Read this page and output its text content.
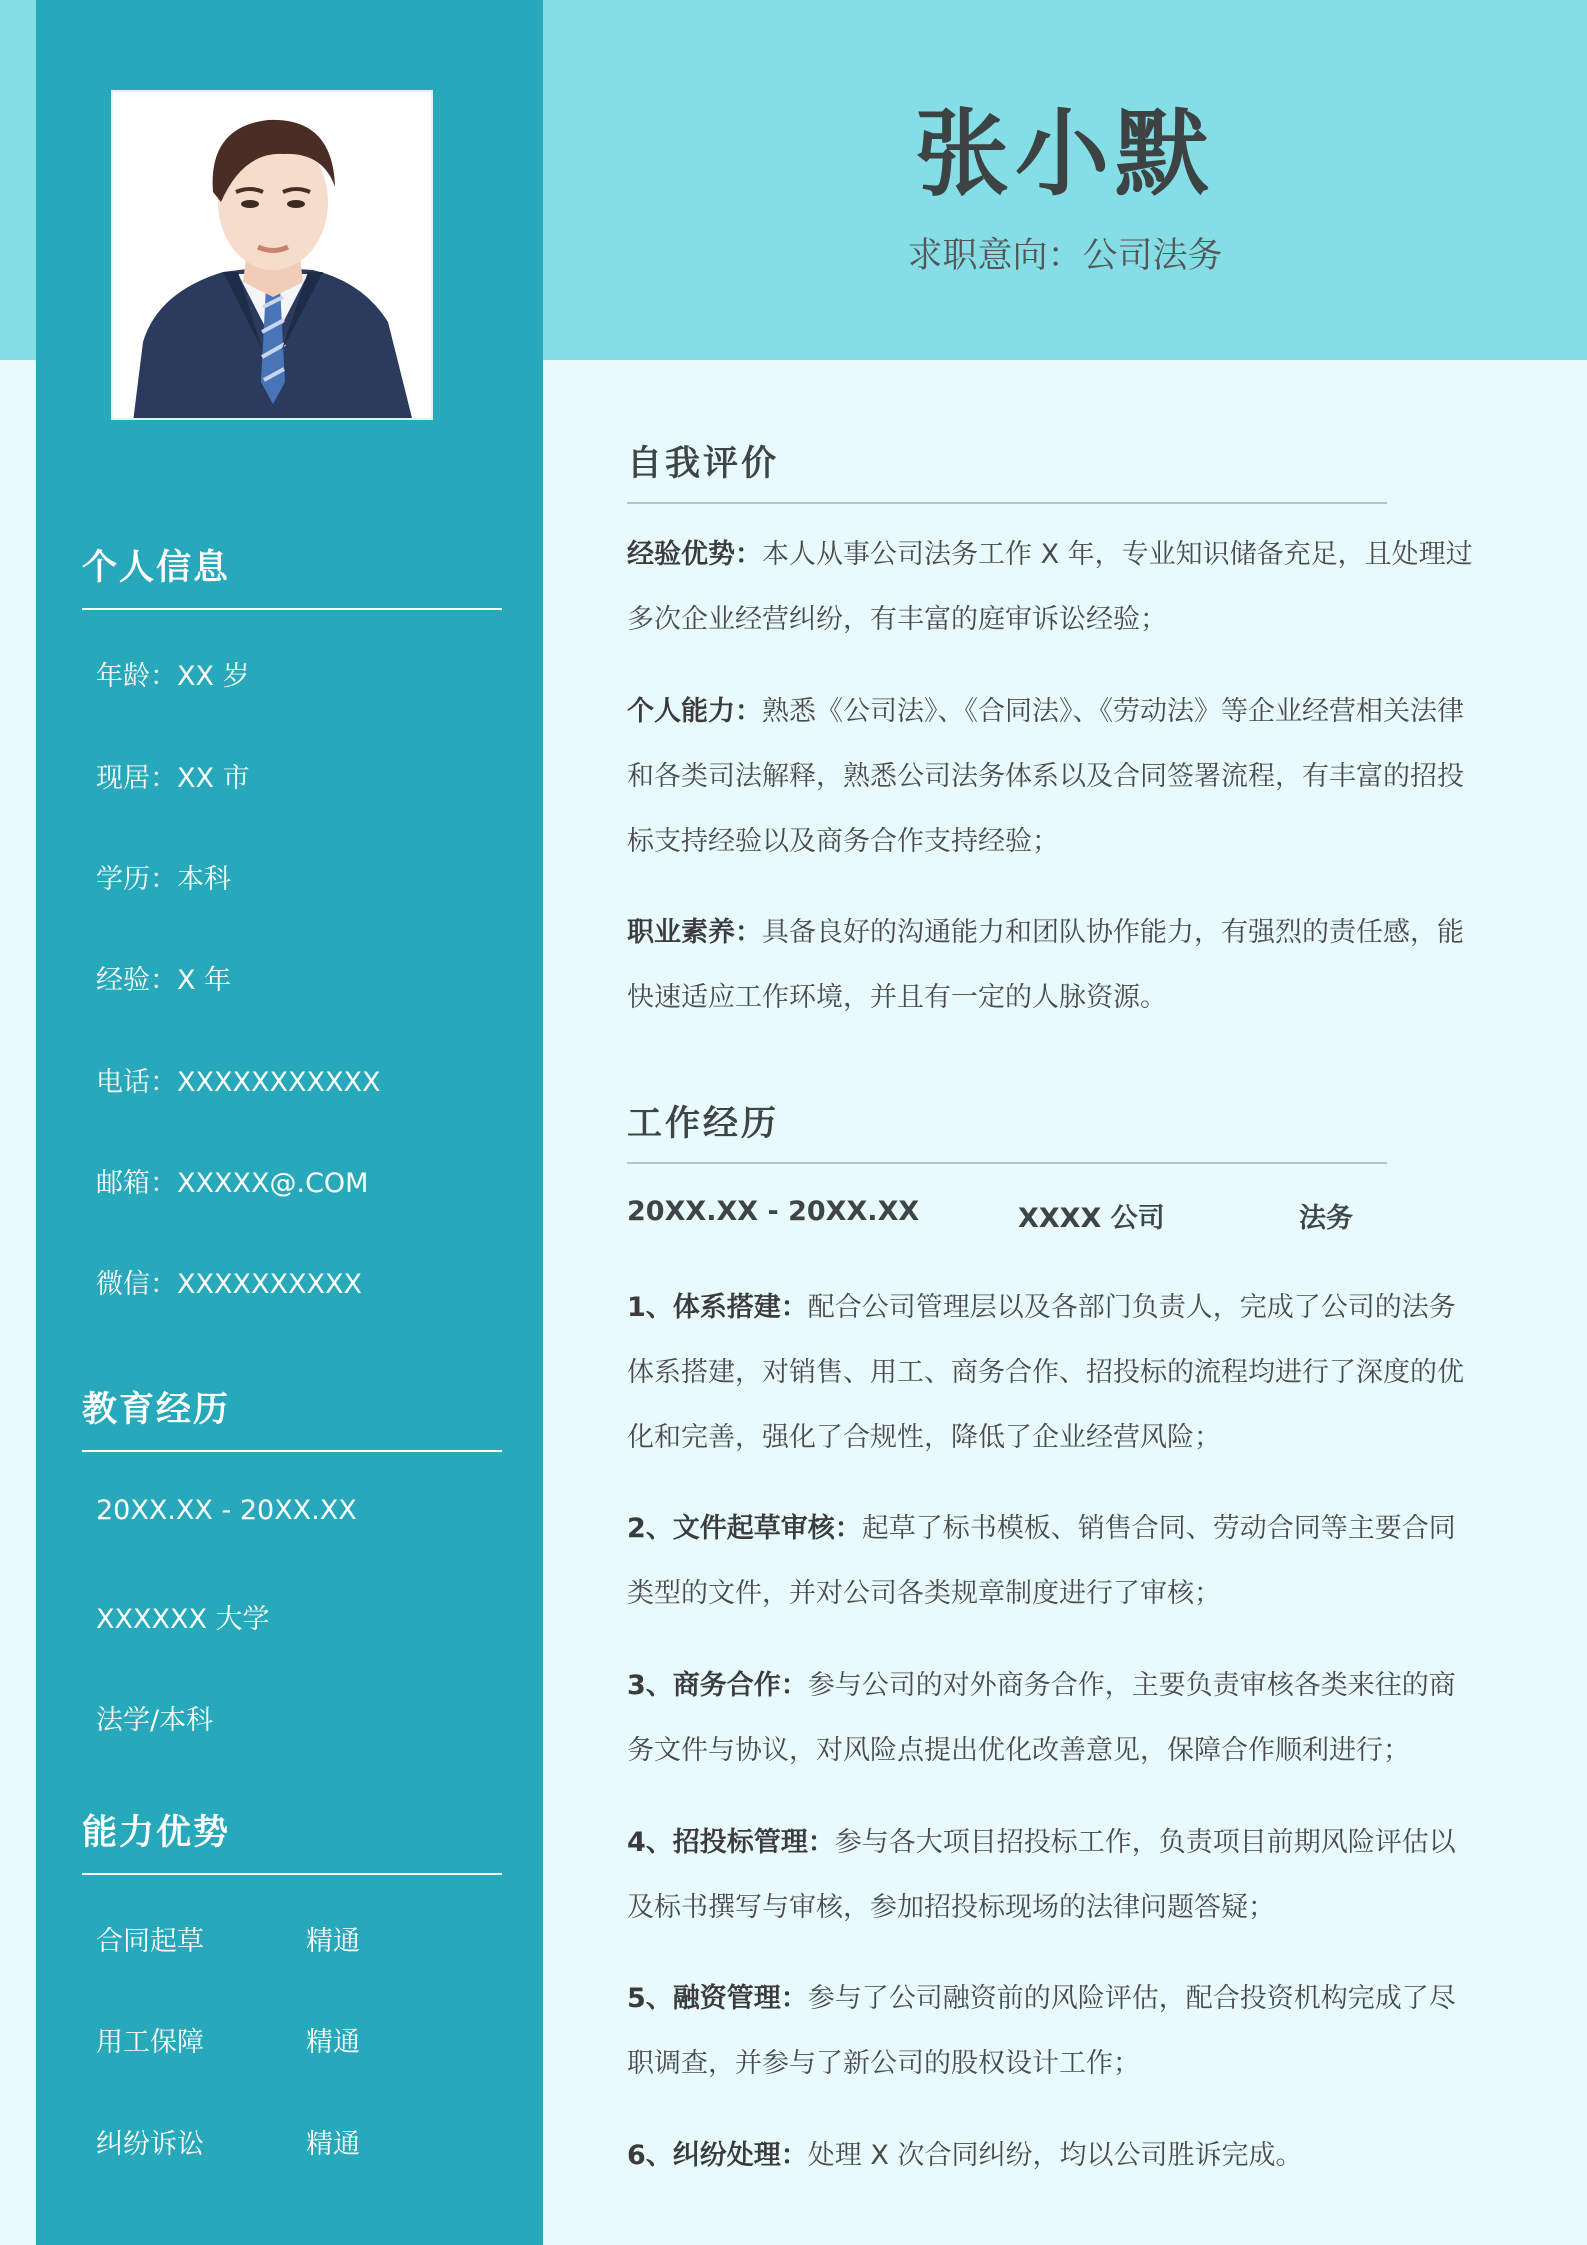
个人信息
年龄：XX 岁
现居：XX 市
学历：本科
经验：X 年
电话：XXXXXXXXXXX
邮箱：XXXXX@.COM
微信：XXXXXXXXXX
教育经历
20XX.XX - 20XX.XX
XXXXXX 大学
法学/本科
能力优势
合同起草	精通
用工保障	精通
纠纷诉讼	精通
张小默
求职意向：公司法务
自我评价
经验优势：本人从事公司法务工作 X 年，专业知识储备充足，且处理过多次企业经营纠纷，有丰富的庭审诉讼经验；
个人能力：熟悉《公司法》、《合同法》、《劳动法》等企业经营相关法律和各类司法解释，熟悉公司法务体系以及合同签署流程，有丰富的招投标支持经验以及商务合作支持经验；
职业素养：具备良好的沟通能力和团队协作能力，有强烈的责任感，能快速适应工作环境，并且有一定的人脉资源。
工作经历
20XX.XX - 20XX.XX	XXXX 公司	法务
1、体系搭建：配合公司管理层以及各部门负责人，完成了公司的法务体系搭建，对销售、用工、商务合作、招投标的流程均进行了深度的优化和完善，强化了合规性，降低了企业经营风险；
2、文件起草审核：起草了标书模板、销售合同、劳动合同等主要合同类型的文件，并对公司各类规章制度进行了审核；
3、商务合作：参与公司的对外商务合作，主要负责审核各类来往的商务文件与协议，对风险点提出优化改善意见，保障合作顺利进行；
4、招投标管理：参与各大项目招投标工作，负责项目前期风险评估以及标书撰写与审核，参加招投标现场的法律问题答疑；
5、融资管理：参与了公司融资前的风险评估，配合投资机构完成了尽职调查，并参与了新公司的股权设计工作；
6、纠纷处理：处理 X 次合同纠纷，均以公司胜诉完成。
